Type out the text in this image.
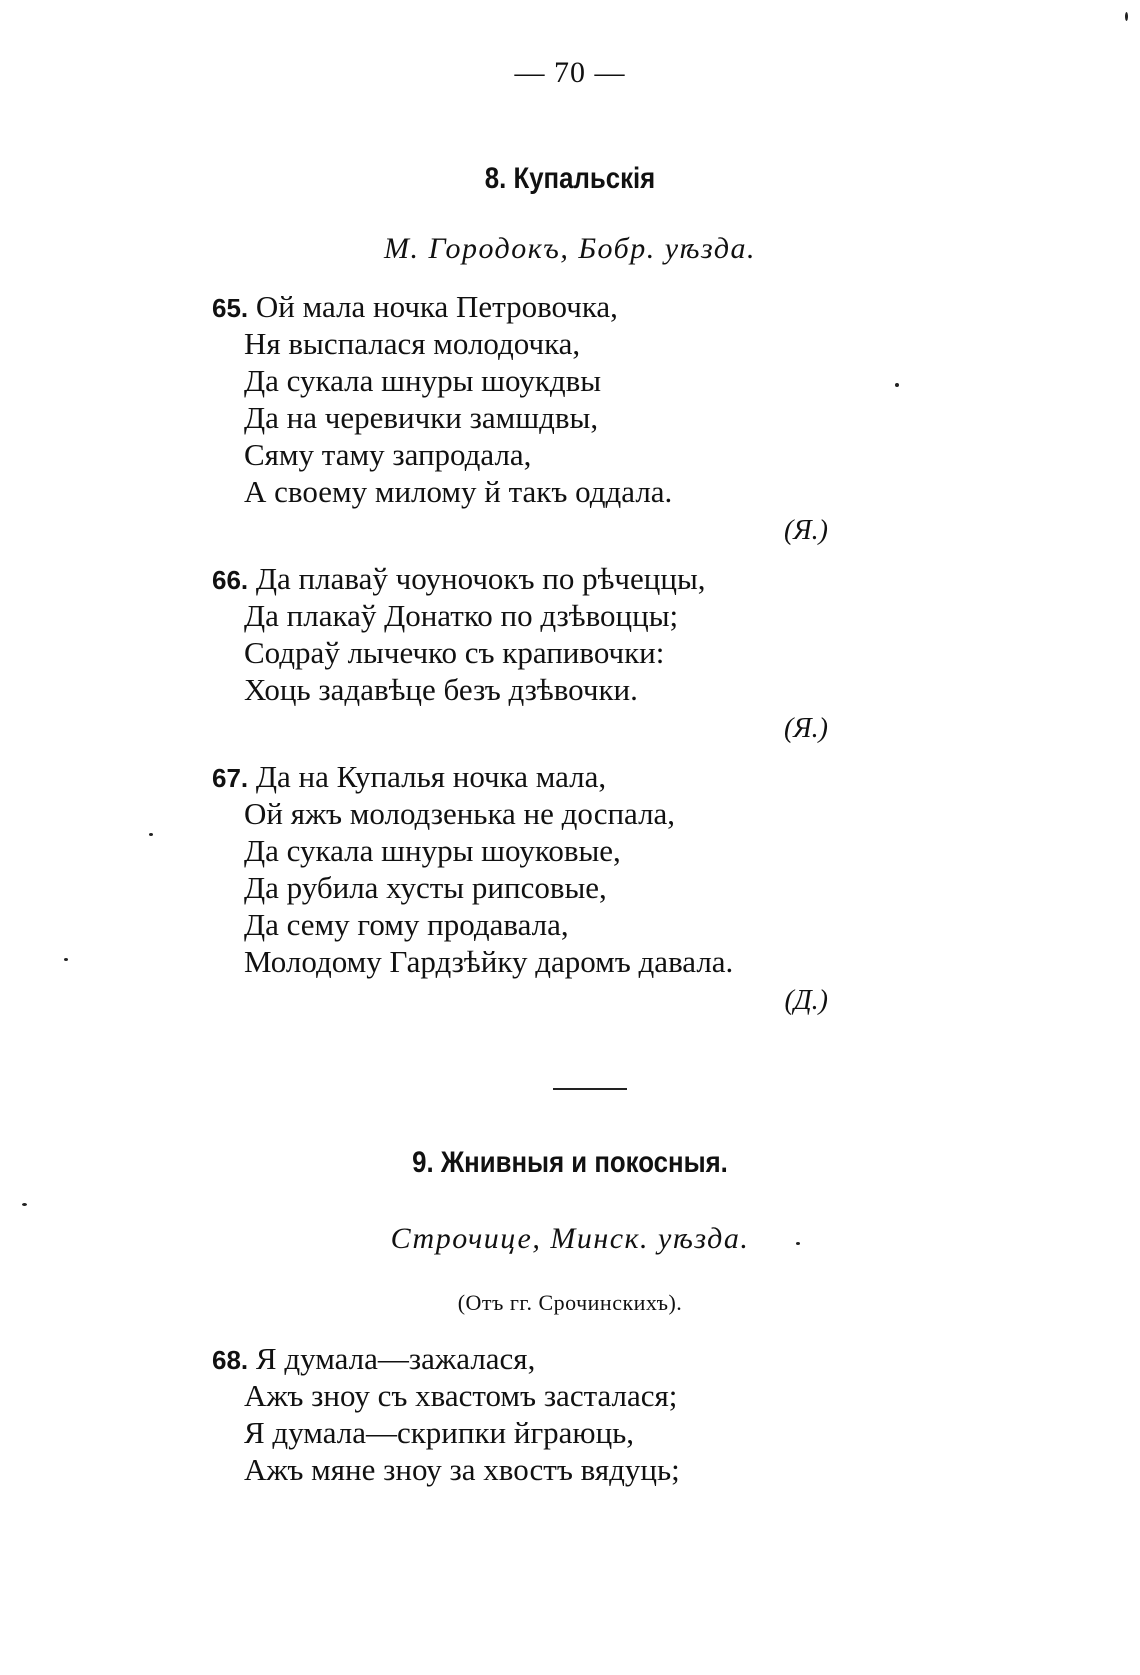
— 70 —
8. Купальскія
М. Городокъ, Бобр. уѣзда.
65. Ой мала ночка Петровочка,
Ня выспалася молодочка,
Да сукала шнуры шоукдвы
Да на черевички замшдвы,
Сяму таму запродала,
А своему милому й такъ оддала.
(Я.)
66. Да плаваў чоуночокъ по рѣчеццы,
Да плакаў Донатко по дзѣвоццы;
Содраў лычечко съ крапивочки:
Хоць задавѣце безъ дзѣвочки.
(Я.)
67. Да на Купалья ночка мала,
Ой яжъ молодзенька не доспала,
Да сукала шнуры шоуковые,
Да рубила хусты рипсовые,
Да сему гому продавала,
Молодому Гардзѣйку даромъ давала.
(Д.)
9. Жнивныя и покосныя.
Строчице, Минск. уѣзда.
(Отъ гг. Срочинскихъ).
68. Я думала—зажалася,
Ажъ зноу съ хвастомъ засталася;
Я думала—скрипки йграюць,
Ажъ мяне зноу за хвостъ вядуць;
